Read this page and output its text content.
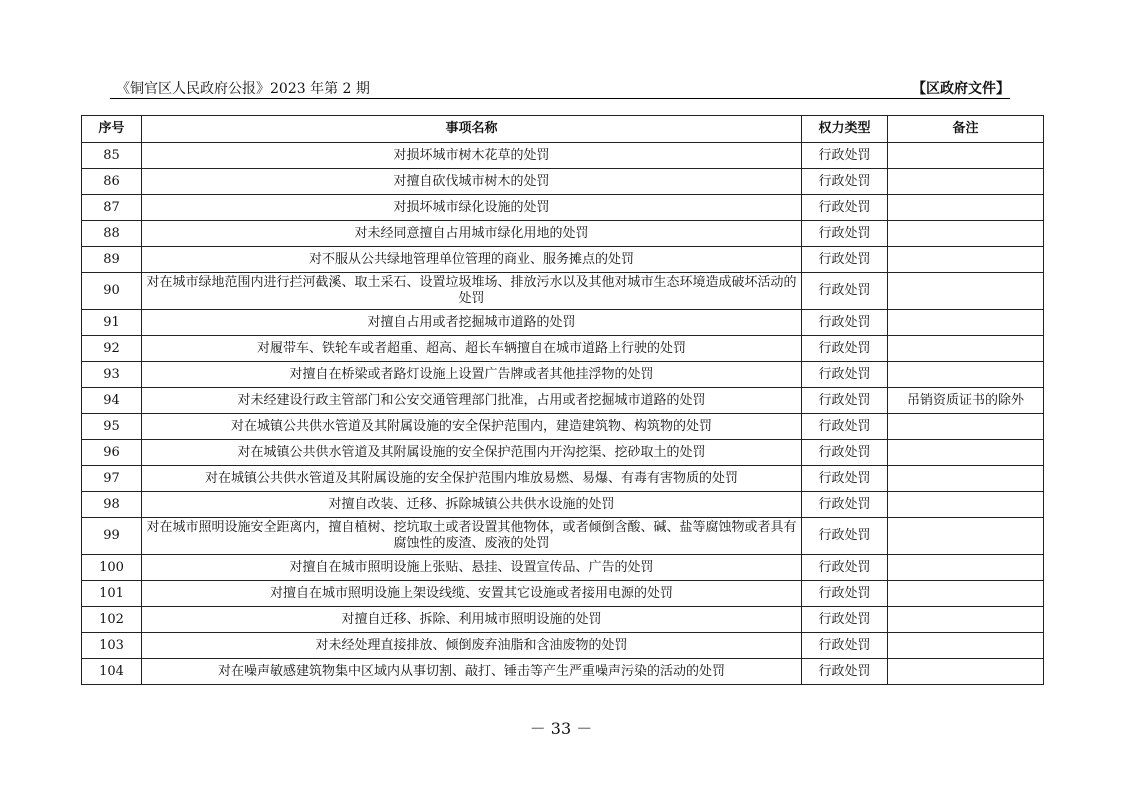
《铜官区人民政府公报》2023 年第 2 期	【区政府文件】
序号	事项名称	权力类型	备注
85	对损坏城市树木花草的处罚	行政处罚	
86	对擅自砍伐城市树木的处罚	行政处罚	
87	对损坏城市绿化设施的处罚	行政处罚	
88	对未经同意擅自占用城市绿化用地的处罚	行政处罚	
89	对不服从公共绿地管理单位管理的商业、服务摊点的处罚	行政处罚	
90	对在城市绿地范围内进行拦河截溪、取土采石、设置垃圾堆场、排放污水以及其他对城市生态环境造成破坏活动的处罚	行政处罚	
91	对擅自占用或者挖掘城市道路的处罚	行政处罚	
92	对履带车、铁轮车或者超重、超高、超长车辆擅自在城市道路上行驶的处罚	行政处罚	
93	对擅自在桥梁或者路灯设施上设置广告牌或者其他挂浮物的处罚	行政处罚	
94	对未经建设行政主管部门和公安交通管理部门批准，占用或者挖掘城市道路的处罚	行政处罚	吊销资质证书的除外
95	对在城镇公共供水管道及其附属设施的安全保护范围内，建造建筑物、构筑物的处罚	行政处罚	
96	对在城镇公共供水管道及其附属设施的安全保护范围内开沟挖渠、挖砂取土的处罚	行政处罚	
97	对在城镇公共供水管道及其附属设施的安全保护范围内堆放易燃、易爆、有毒有害物质的处罚	行政处罚	
98	对擅自改装、迁移、拆除城镇公共供水设施的处罚	行政处罚	
99	对在城市照明设施安全距离内，擅自植树、挖坑取土或者设置其他物体，或者倾倒含酸、碱、盐等腐蚀物或者具有腐蚀性的废渣、废液的处罚	行政处罚	
100	对擅自在城市照明设施上张贴、悬挂、设置宣传品、广告的处罚	行政处罚	
101	对擅自在城市照明设施上架设线缆、安置其它设施或者接用电源的处罚	行政处罚	
102	对擅自迁移、拆除、利用城市照明设施的处罚	行政处罚	
103	对未经处理直接排放、倾倒废弃油脂和含油废物的处罚	行政处罚	
104	对在噪声敏感建筑物集中区域内从事切割、敲打、锤击等产生严重噪声污染的活动的处罚	行政处罚	
－ 33 －
